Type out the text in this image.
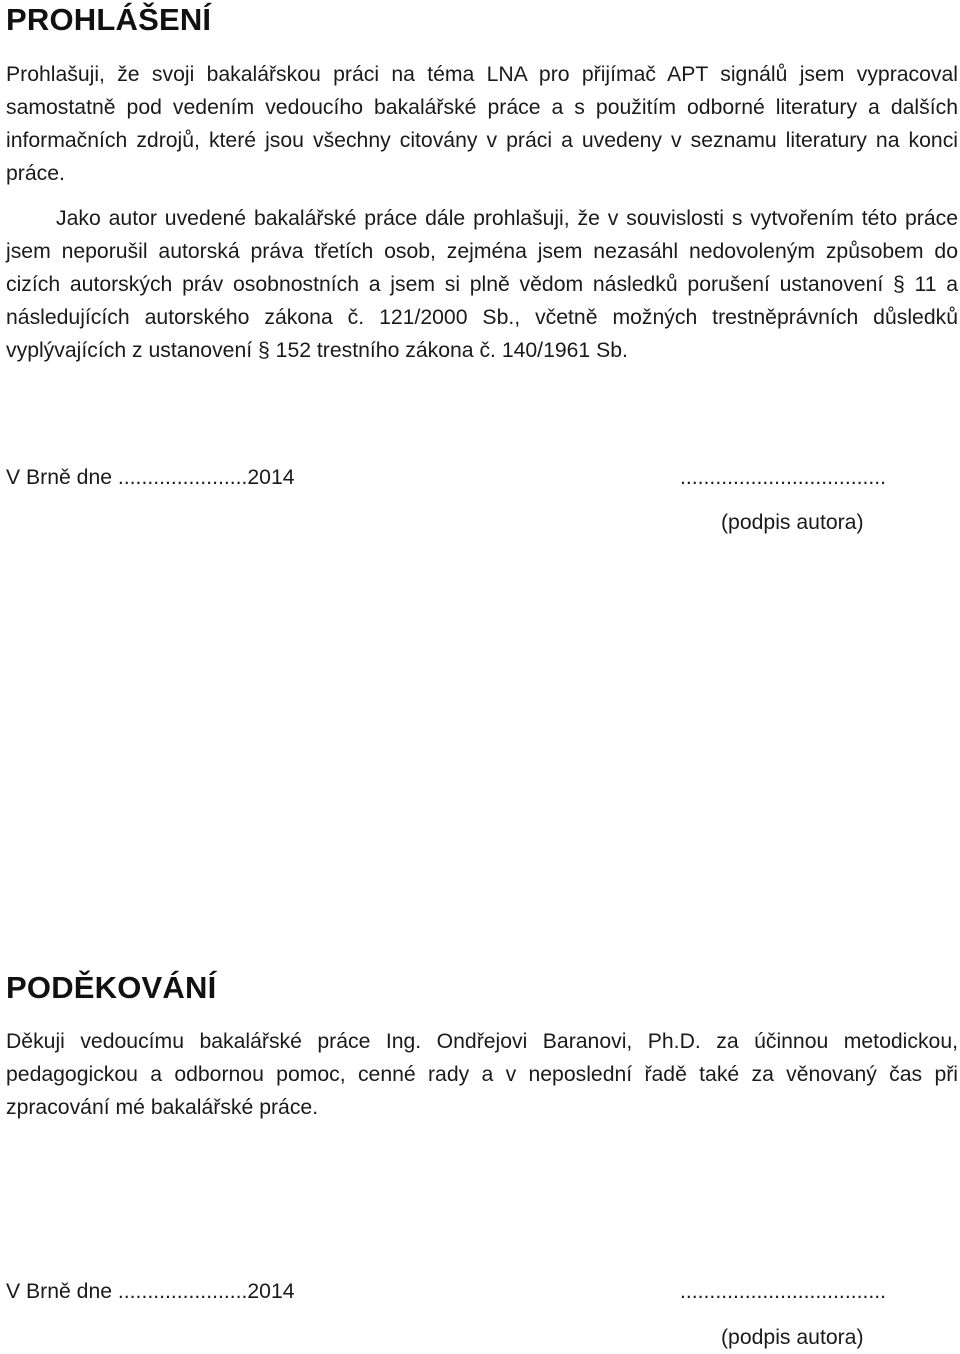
PROHLÁŠENÍ

Prohlašuji, že svoji bakalářskou práci na téma LNA pro přijímač APT signálů jsem vypracoval samostatně pod vedením vedoucího bakalářské práce a s použitím odborné literatury a dalších informačních zdrojů, které jsou všechny citovány v práci a uvedeny v seznamu literatury na konci práce.

Jako autor uvedené bakalářské práce dále prohlašuji, že v souvislosti s vytvořením této práce jsem neporušil autorská práva třetích osob, zejména jsem nezasáhl nedovoleným způsobem do cizích autorských práv osobnostních a jsem si plně vědom následků porušení ustanovení § 11 a následujících autorského zákona č. 121/2000 Sb., včetně možných trestněprávních důsledků vyplývajících z ustanovení § 152 trestního zákona č. 140/1961 Sb.

V Brně dne ......................2014	...................................
(podpis autora)
PODĚKOVÁNÍ

Děkuji vedoucímu bakalářské práce Ing. Ondřejovi Baranovi, Ph.D. za účinnou metodickou, pedagogickou a odbornou pomoc, cenné rady a v neposlední řadě také za věnovaný čas při zpracování mé bakalářské práce.

V Brně dne ......................2014	...................................
(podpis autora)
